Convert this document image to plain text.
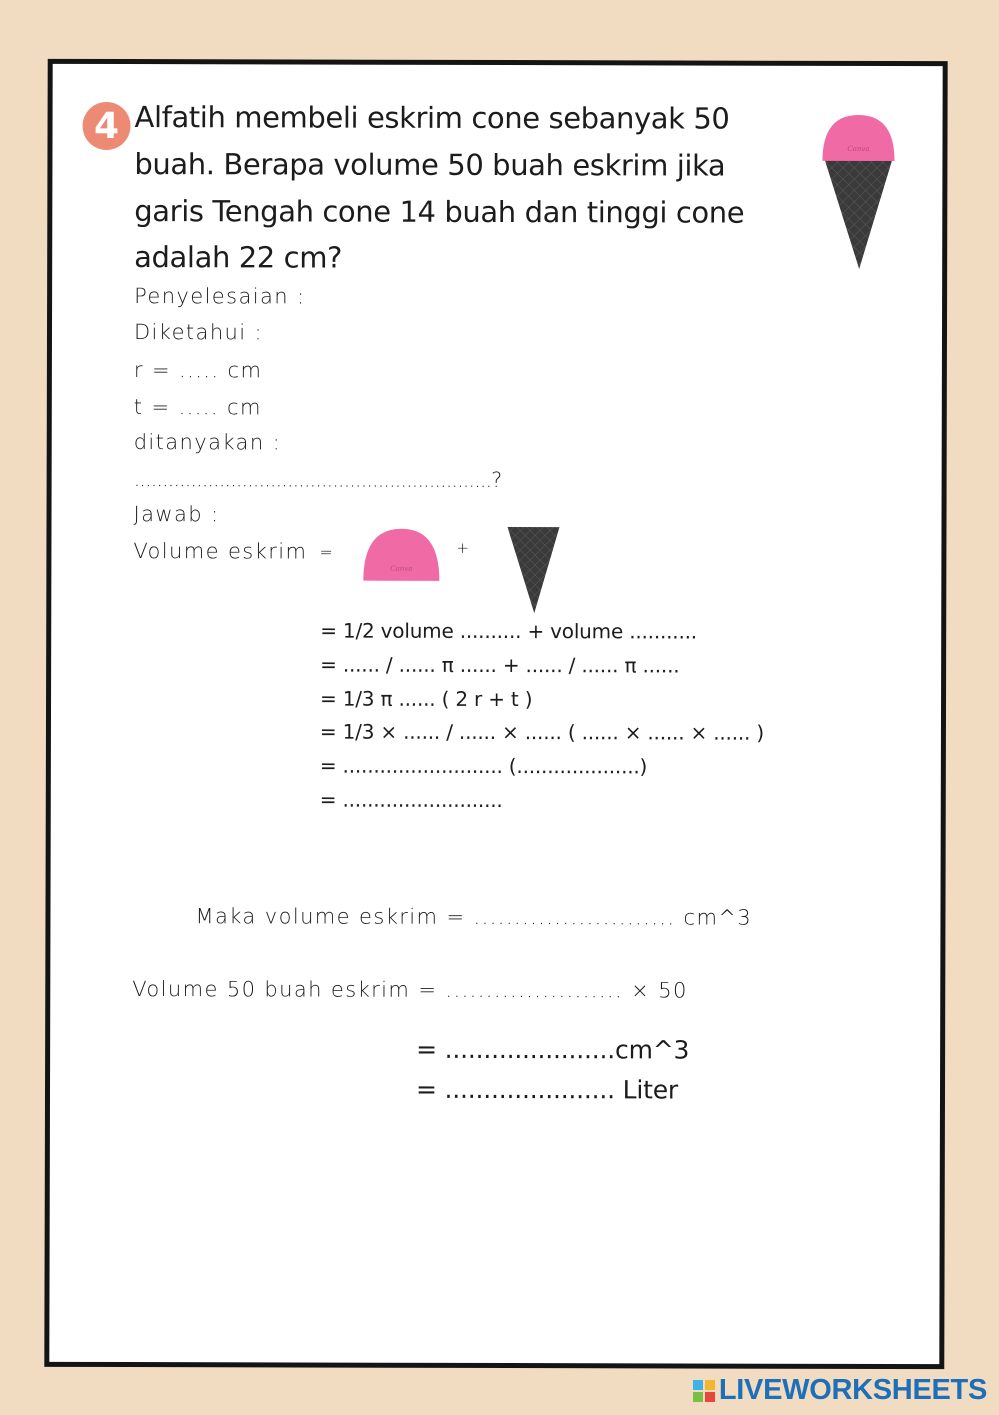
4 Alfatih membeli eskrim cone sebanyak 50
buah. Berapa volume 50 buah eskrim jika
garis Tengah cone 14 buah dan tinggi cone
adalah 22 cm?
Canva
Penyelesaian :
Diketahui :
r = ..... cm
t = ..... cm
ditanyakan :
...............................................................?
Jawab :
Volume eskrim =
Canva
+
= 1/2 volume .......... + volume ...........
= ...... / ...... π ...... + ...... / ...... π ......
= 1/3 π ...... ( 2 r + t )
= 1/3 × ...... / ...... × ...... ( ...... × ...... × ...... )
= .......................... (....................)
= ..........................
Maka volume eskrim = ......................... cm^3
Volume 50 buah eskrim = ...................... × 50
= ......................cm^3
= ...................... Liter
LIVEWORKSHEETS
